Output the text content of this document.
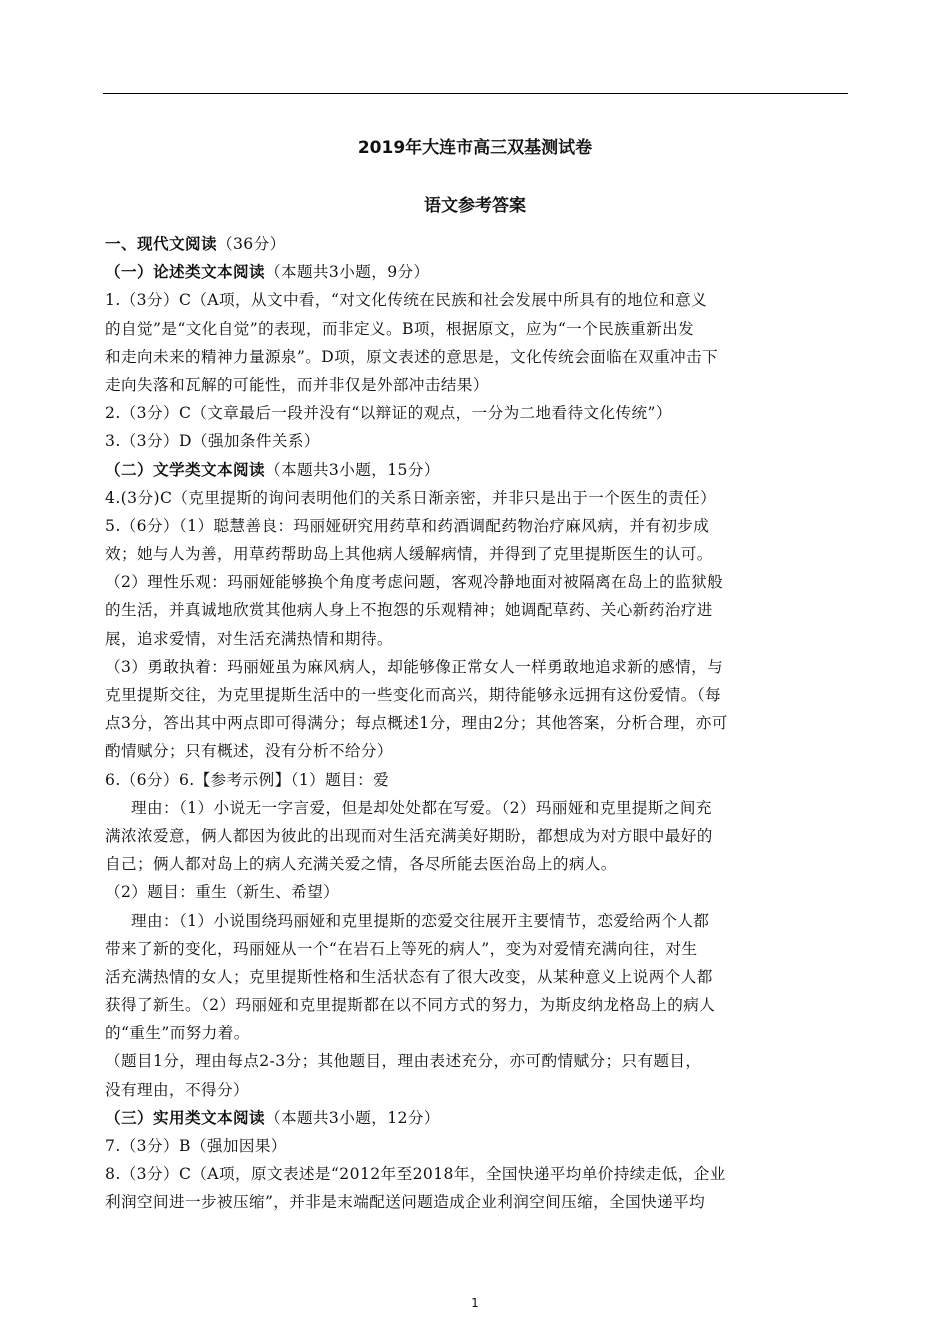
2019年大连市高三双基测试卷
语文参考答案
一、现代文阅读（36分）
（一）论述类文本阅读（本题共3小题，9分）
1.（3分）C（A项，从文中看，“对文化传统在民族和社会发展中所具有的地位和意义
的自觉”是“文化自觉”的表现，而非定义。B项，根据原文，应为“一个民族重新出发
和走向未来的精神力量源泉”。D项，原文表述的意思是，文化传统会面临在双重冲击下
走向失落和瓦解的可能性，而并非仅是外部冲击结果）
2.（3分）C（文章最后一段并没有“以辩证的观点，一分为二地看待文化传统”）
3.（3分）D（强加条件关系）
（二）文学类文本阅读（本题共3小题，15分）
4.(3分)C（克里提斯的询问表明他们的关系日渐亲密，并非只是出于一个医生的责任）
5.（6分）（1）聪慧善良：玛丽娅研究用药草和药酒调配药物治疗麻风病，并有初步成
效；她与人为善，用草药帮助岛上其他病人缓解病情，并得到了克里提斯医生的认可。
（2）理性乐观：玛丽娅能够换个角度考虑问题，客观冷静地面对被隔离在岛上的监狱般
的生活，并真诚地欣赏其他病人身上不抱怨的乐观精神；她调配草药、关心新药治疗进
展，追求爱情，对生活充满热情和期待。
（3）勇敢执着：玛丽娅虽为麻风病人，却能够像正常女人一样勇敢地追求新的感情，与
克里提斯交往，为克里提斯生活中的一些变化而高兴，期待能够永远拥有这份爱情。（每
点3分，答出其中两点即可得满分；每点概述1分，理由2分；其他答案，分析合理，亦可
酌情赋分；只有概述，没有分析不给分）
6.（6分）6.【参考示例】（1）题目：爱
理由：（1）小说无一字言爱，但是却处处都在写爱。（2）玛丽娅和克里提斯之间充
满浓浓爱意，俩人都因为彼此的出现而对生活充满美好期盼，都想成为对方眼中最好的
自己；俩人都对岛上的病人充满关爱之情，各尽所能去医治岛上的病人。
（2）题目：重生（新生、希望）
理由：（1）小说围绕玛丽娅和克里提斯的恋爱交往展开主要情节，恋爱给两个人都
带来了新的变化，玛丽娅从一个“在岩石上等死的病人”，变为对爱情充满向往，对生
活充满热情的女人；克里提斯性格和生活状态有了很大改变，从某种意义上说两个人都
获得了新生。（2）玛丽娅和克里提斯都在以不同方式的努力，为斯皮纳龙格岛上的病人
的“重生”而努力着。
（题目1分，理由每点2-3分；其他题目，理由表述充分，亦可酌情赋分；只有题目，
没有理由，不得分）
（三）实用类文本阅读（本题共3小题，12分）
7.（3分）B（强加因果）
8.（3分）C（A项，原文表述是“2012年至2018年，全国快递平均单价持续走低，企业
利润空间进一步被压缩”，并非是末端配送问题造成企业利润空间压缩，全国快递平均
1
